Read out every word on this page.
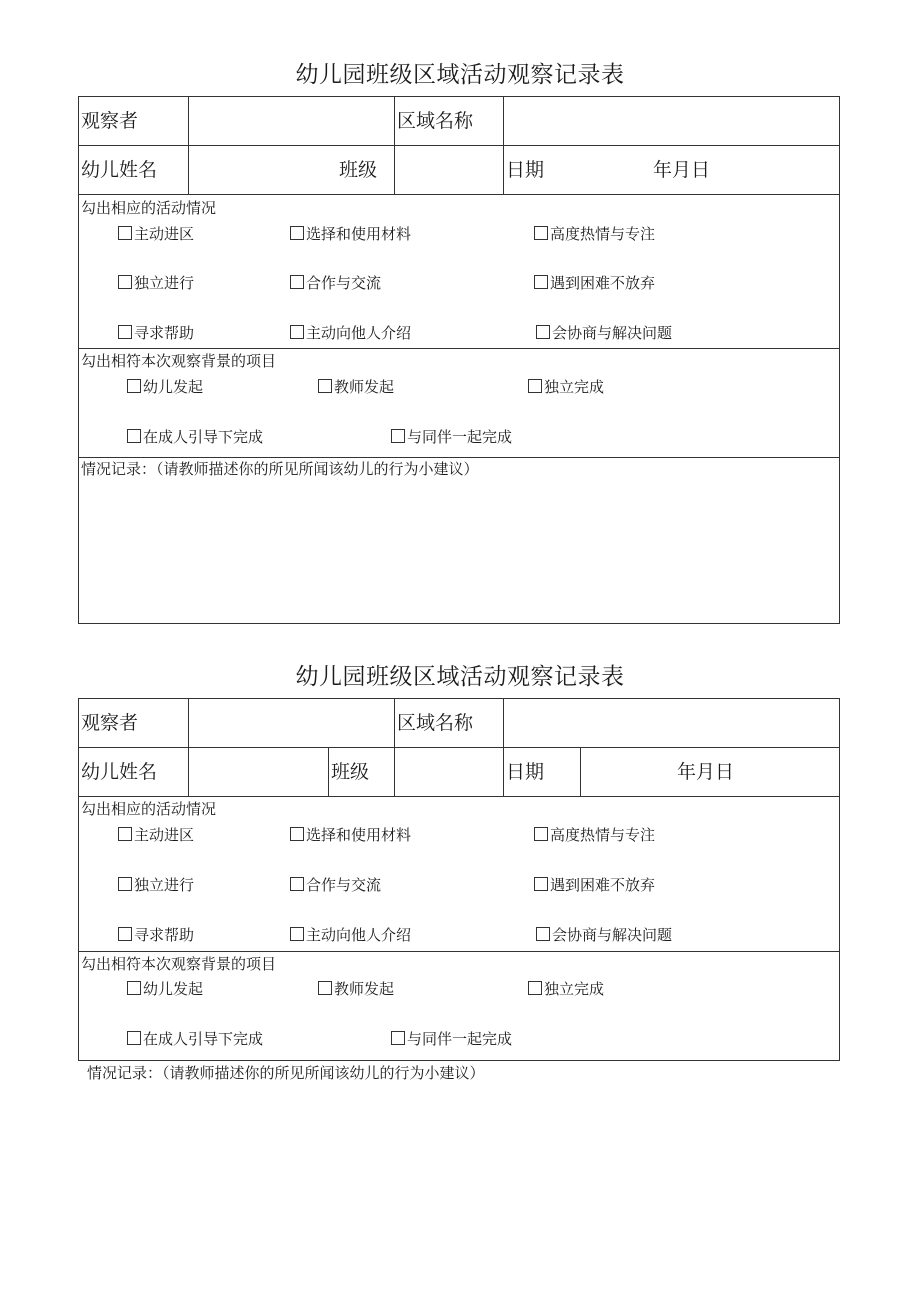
幼儿园班级区域活动观察记录表
观察者	区域名称
幼儿姓名	班级	日期	年月日
勾出相应的活动情况
主动进区	选择和使用材料	高度热情与专注
独立进行	合作与交流	遇到困难不放弃
寻求帮助	主动向他人介绍	会协商与解决问题
勾出相符本次观察背景的项目
幼儿发起	教师发起	独立完成
在成人引导下完成	与同伴一起完成
情况记录：（请教师描述你的所见所闻该幼儿的行为小建议）
幼儿园班级区域活动观察记录表
观察者	区域名称
幼儿姓名	班级	日期	年月日
勾出相应的活动情况
主动进区	选择和使用材料	高度热情与专注
独立进行	合作与交流	遇到困难不放弃
寻求帮助	主动向他人介绍	会协商与解决问题
勾出相符本次观察背景的项目
幼儿发起	教师发起	独立完成
在成人引导下完成	与同伴一起完成
情况记录：（请教师描述你的所见所闻该幼儿的行为小建议）
